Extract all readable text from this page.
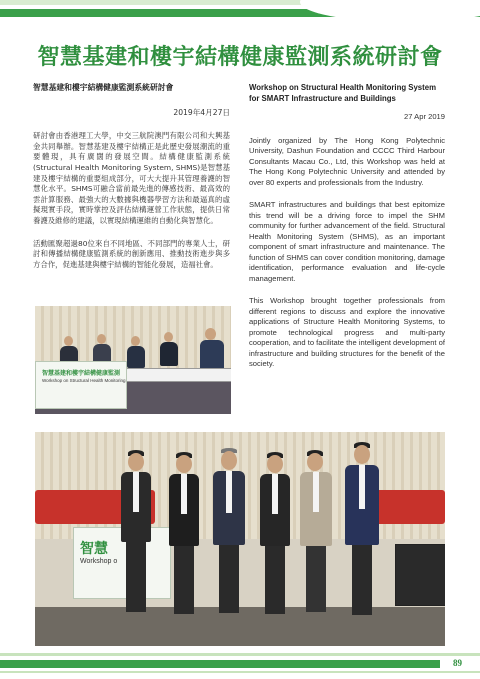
智慧基建和樓宇結構健康監測系統研討會
智慧基建和樓宇結構健康監測系統研討會
2019年4月27日
研討會由香港理工大學，中交三航院澳門有限公司和大興基金共同舉辦。智慧基建及樓宇結構正是此歷史發展潮流的重要體現，具有廣闊的發展空間。結構健康監測系統(Structural Health Monitoring System, SHMS)是智慧基建及樓宇結構的重要組成部分，可大大提升其管理養護的智慧化水平。SHMS可融合當前最先進的傳感技術、最高效的雲計算服務、最強大的大數據與機器學習方法和最逼真的虛擬現實手段，實時掌控及評估結構運營工作狀態，提供日常養護及維修的建議，以實現結構運維的自動化與智慧化。
活動匯聚超過80位來自不同地區、不同部門的專業人士，研討和傳播結構健康監測系統的創新應用、推動技術進步與多方合作，促進基建與樓宇結構的智能化發展，造福社會。
Workshop on Structural Health Monitoring System for SMART Infrastructure and Buildings
27 Apr 2019
Jointly organized by The Hong Kong Polytechnic University, Dashun Foundation and CCCC Third Harbour Consultants Macau Co., Ltd, this Workshop was held at The Hong Kong Polytechnic University and attended by over 80 experts and professionals from the Industry.
SMART infrastructures and buildings that best epitomize this trend will be a driving force to impel the SHM community for further advancement of the field. Structural Health Monitoring System (SHMS), as an important component of smart infrastructure and maintenance. The function of SHMS can cover condition monitoring, damage identification, performance evaluation and life-cycle management.
This Workshop brought together professionals from different regions to discuss and explore the innovative applications of Structure Health Monitoring Systems, to promote technological progress and multi-party cooperation, and to facilitate the intelligent development of infrastructure and building structures for the benefit of the society.
智慧基建和樓宇結構健康監測
Workshop on Structural Health Monitoring
智慧
Workshop o
89
